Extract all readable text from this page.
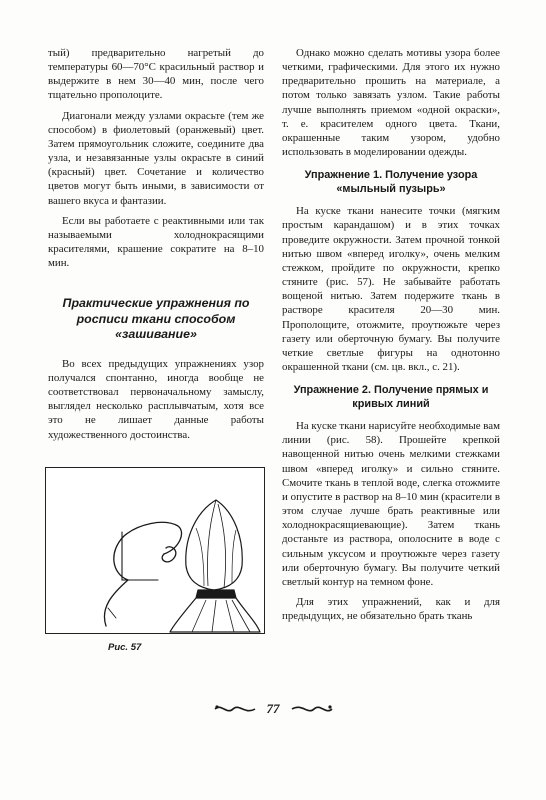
тый) предварительно нагретый до температуры 60—70°С красильный раствор и выдержите в нем 30—40 мин, после чего тщательно прополоците.

Диагонали между узлами окрасьте (тем же способом) в фиолетовый (оранжевый) цвет. Затем прямоугольник сложите, соедините два узла, и незавязанные узлы окрасьте в синий (красный) цвет. Сочетание и количество цветов могут быть иными, в зависимости от вашего вкуса и фантазии.

Если вы работаете с реактивными или так называемыми холоднокрасящими красителями, крашение сократите на 8–10 мин.

Практические упражнения по росписи ткани способом «зашивание»

Во всех предыдущих упражнениях узор получался спонтанно, иногда вообще не соответствовал первоначальному замыслу, выглядел несколько расплывчатым, хотя все это не лишает данные работы художественного достоинства.

Рис. 57

Однако можно сделать мотивы узора более четкими, графическими. Для этого их нужно предварительно прошить на материале, а потом только завязать узлом. Такие работы лучше выполнять приемом «одной окраски», т. е. красителем одного цвета. Ткани, окрашенные таким узором, удобно использовать в моделировании одежды.

Упражнение 1. Получение узора «мыльный пузырь»

На куске ткани нанесите точки (мягким простым карандашом) и в этих точках проведите окружности. Затем прочной тонкой нитью швом «вперед иголку», очень мелким стежком, пройдите по окружности, крепко стяните (рис. 57). Не забывайте работать вощеной нитью. Затем подержите ткань в растворе красителя 20—30 мин. Прополощите, отожмите, проутюжьте через газету или оберточную бумагу. Вы получите четкие светлые фигуры на однотонно окрашенной ткани (см. цв. вкл., с. 21).

Упражнение 2. Получение прямых и кривых линий

На куске ткани нарисуйте необходимые вам линии (рис. 58). Прошейте крепкой навощенной нитью очень мелкими стежками швом «вперед иголку» и сильно стяните. Смочите ткань в теплой воде, слегка отожмите и опустите в раствор на 8–10 мин (красители в этом случае лучше брать реактивные или холоднокрасящиевающие). Затем ткань достаньте из раствора, ополосните в воде с сильным уксусом и проутюжьте через газету или оберточную бумагу. Вы получите четкий светлый контур на темном фоне.

Для этих упражнений, как и для предыдущих, не обязательно брать ткань

77
